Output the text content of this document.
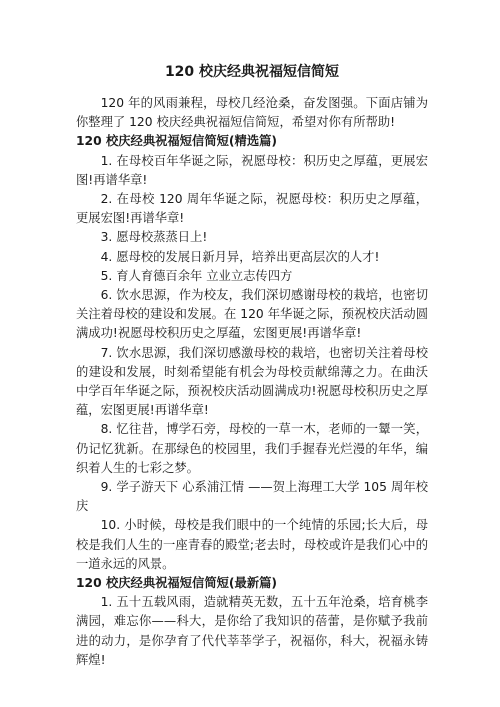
120 校庆经典祝福短信简短

120 年的风雨兼程，母校几经沧桑，奋发图强。下面店铺为你整理了 120 校庆经典祝福短信简短，希望对你有所帮助!

120 校庆经典祝福短信简短(精选篇)

1. 在母校百年华诞之际，祝愿母校：积历史之厚蕴，更展宏图!再谱华章!

2. 在母校 120 周年华诞之际，祝愿母校：积历史之厚蕴，更展宏图!再谱华章!

3. 愿母校蒸蒸日上!

4. 愿母校的发展日新月异，培养出更高层次的人才!

5. 育人育德百余年 立业立志传四方

6. 饮水思源，作为校友，我们深切感谢母校的栽培，也密切关注着母校的建设和发展。在 120 年华诞之际，预祝校庆活动圆满成功!祝愿母校积历史之厚蕴，宏图更展!再谱华章!

7. 饮水思源，我们深切感激母校的栽培，也密切关注着母校的建设和发展，时刻希望能有机会为母校贡献绵薄之力。在曲沃中学百年华诞之际，预祝校庆活动圆满成功!祝愿母校积历史之厚蕴，宏图更展!再谱华章!

8. 忆往昔，博学石旁，母校的一草一木，老师的一颦一笑，仍记忆犹新。在那绿色的校园里，我们手握春光烂漫的年华，编织着人生的七彩之梦。

9. 学子游天下 心系浦江情 ——贺上海理工大学 105 周年校庆

10. 小时候，母校是我们眼中的一个纯情的乐园;长大后，母校是我们人生的一座青春的殿堂;老去时，母校或许是我们心中的一道永远的风景。

120 校庆经典祝福短信简短(最新篇)

1. 五十五载风雨，造就精英无数，五十五年沧桑，培育桃李满园，难忘你——科大，是你给了我知识的蓓蕾，是你赋予我前进的动力，是你孕育了代代莘莘学子，祝福你，科大，祝福永铸辉煌!
